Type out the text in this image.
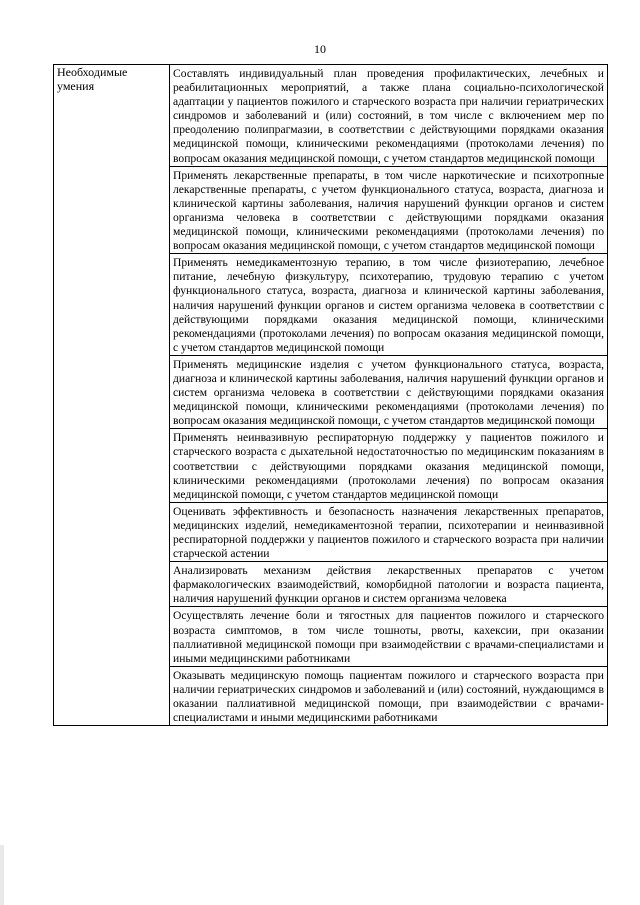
10
Необходимые умения	

Составлять индивидуальный план проведения профилактических, лечебных и реабилитационных мероприятий, а также плана социально-психологической адаптации у пациентов пожилого и старческого возраста при наличии гериатрических синдромов и заболеваний и (или) состояний, в том числе с включением мер по преодолению полипрагмазии, в соответствии с действующими порядками оказания медицинской помощи, клиническими рекомендациями (протоколами лечения) по вопросам оказания медицинской помощи, с учетом стандартов медицинской помощи

Применять лекарственные препараты, в том числе наркотические и психотропные лекарственные препараты, с учетом функционального статуса, возраста, диагноза и клинической картины заболевания, наличия нарушений функции органов и систем организма человека в соответствии с действующими порядками оказания медицинской помощи, клиническими рекомендациями (протоколами лечения) по вопросам оказания медицинской помощи, с учетом стандартов медицинской помощи

Применять немедикаментозную терапию, в том числе физиотерапию, лечебное питание, лечебную физкультуру, психотерапию, трудовую терапию с учетом функционального статуса, возраста, диагноза и клинической картины заболевания, наличия нарушений функции органов и систем организма человека в соответствии с действующими порядками оказания медицинской помощи, клиническими рекомендациями (протоколами лечения) по вопросам оказания медицинской помощи, с учетом стандартов медицинской помощи

Применять медицинские изделия с учетом функционального статуса, возраста, диагноза и клинической картины заболевания, наличия нарушений функции органов и систем организма человека в соответствии с действующими порядками оказания медицинской помощи, клиническими рекомендациями (протоколами лечения) по вопросам оказания медицинской помощи, с учетом стандартов медицинской помощи

Применять неинвазивную респираторную поддержку у пациентов пожилого и старческого возраста с дыхательной недостаточностью по медицинским показаниям в соответствии с действующими порядками оказания медицинской помощи, клиническими рекомендациями (протоколами лечения) по вопросам оказания медицинской помощи, с учетом стандартов медицинской помощи

Оценивать эффективность и безопасность назначения лекарственных препаратов, медицинских изделий, немедикаментозной терапии, психотерапии и неинвазивной респираторной поддержки у пациентов пожилого и старческого возраста при наличии старческой астении

Анализировать механизм действия лекарственных препаратов с учетом фармакологических взаимодействий, коморбидной патологии и возраста пациента, наличия нарушений функции органов и систем организма человека

Осуществлять лечение боли и тягостных для пациентов пожилого и старческого возраста симптомов, в том числе тошноты, рвоты, кахексии, при оказании паллиативной медицинской помощи при взаимодействии с врачами-специалистами и иными медицинскими работниками

Оказывать медицинскую помощь пациентам пожилого и старческого возраста при наличии гериатрических синдромов и заболеваний и (или) состояний, нуждающимся в оказании паллиативной медицинской помощи, при взаимодействии с врачами-специалистами и иными медицинскими работниками
